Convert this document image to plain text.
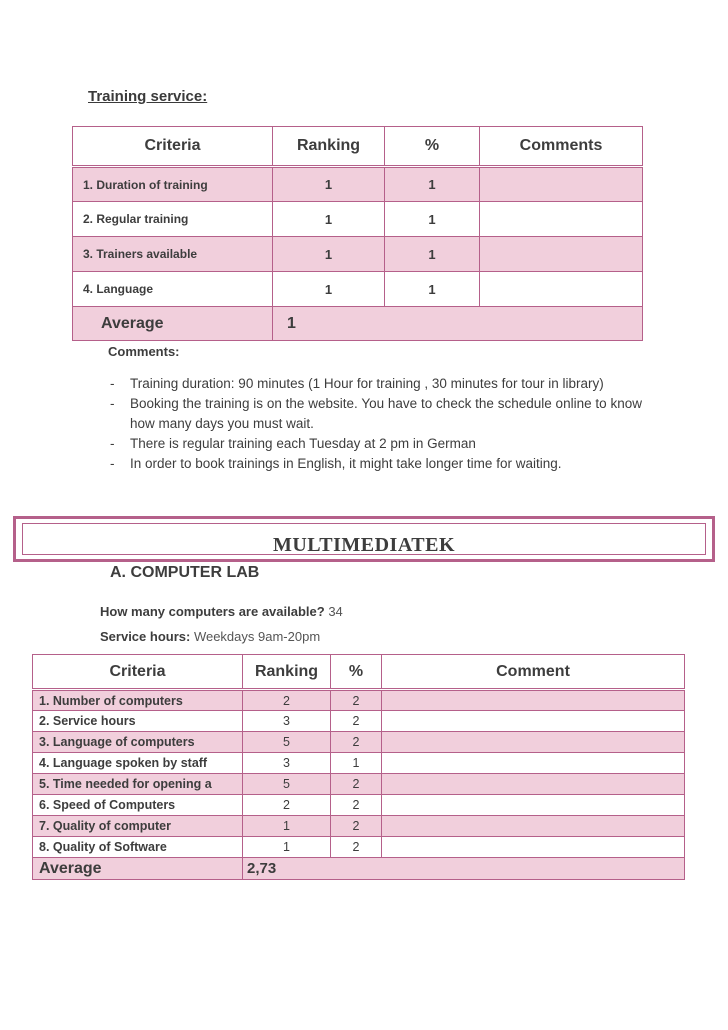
Training service:
Criteria	Ranking	%	Comments
1. Duration of training	1	1	
2. Regular training	1	1	
3. Trainers available	1	1	
4. Language	1	1	
Average	1		
Comments:
- Training duration: 90 minutes (1 Hour for training , 30 minutes for tour in library)
- Booking the training is on the website. You have to check the schedule online to know how many days you must wait.
- There is regular training each Tuesday at 2 pm in German
- In order to book trainings in English, it might take longer time for waiting.
MULTIMEDIATEK
A. COMPUTER LAB
How many computers are available? 34
Service hours: Weekdays 9am-20pm
Criteria	Ranking	%	Comment
1. Number of computers	2	2	
2. Service hours	3	2	
3. Language of computers	5	2	
4. Language spoken by staff	3	1	
5. Time needed for opening a	5	2	
6. Speed of Computers	2	2	
7. Quality of computer	1	2	
8. Quality of Software	1	2	
Average	2,73		
